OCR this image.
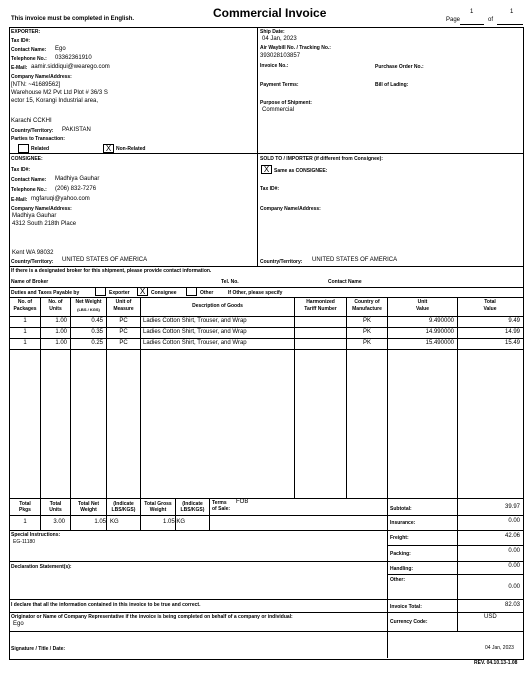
Commercial Invoice
This invoice must be completed in English.	Page
1
of
1
EXPORTER:
Tax ID#:
Contact Name: Ego
Telephone No.: 03362361910
E-Mail: aamir.siddiqui@wearego.com
Company Name/Address:
[NTN: ~41689562]
Warehouse M2 Pvt Ltd Plot # 36/3 S
ector 15, Korangi Industrial area,
Karachi CCKHI
Country/Territory: PAKISTAN
Parties to Transaction:
Related	X Non-Related
Ship Date:
04 Jan, 2023
Air Waybill No. / Tracking No.:
393028103857
Invoice No.:	Purchase Order No.:
Payment Terms:	Bill of Lading:
Purpose of Shipment:
Commercial
CONSIGNEE:
Tax ID#:
Contact Name: Madhiya Gauhar
Telephone No.: (206) 832-7276
E-Mail: mgfaruqi@yahoo.com
Company Name/Address:
Madhiya Gauhar
4312 South 218th Place
Kent WA 98032
Country/Territory: UNITED STATES OF AMERICA
SOLD TO / IMPORTER (if different from Consignee):
X Same as CONSIGNEE:
Tax ID#:
Company Name/Address:
Country/Territory: UNITED STATES OF AMERICA
If there is a designated broker for this shipment, please provide contact information.
Name of Broker	Tel. No.	Contact Name
Duties and Taxes Payable by	Exporter	X	Consignee	Other	If Other, please specify
No. of
Packages
No. of
Units
Net Weight
(LBS / KGS)
Unit of
Measure	Description of Goods
Harmonized
Tariff Number
Country of
Manufacture
Unit
Value
Total
Value
1	1.00	0.45	PC	Ladies Cotton Shirt, Trouser, and Wrap	PK	9.490000	9.49
1	1.00	0.35	PC	Ladies Cotton Shirt, Trouser, and Wrap	PK	14.990000	14.99
1	1.00	0.25	PC	Ladies Cotton Shirt, Trouser, and Wrap	PK	15.490000	15.49
Total
Pkgs
Total
Units
Total Net
Weight
(Indicate
LBS/KGS)
Total Gross
Weight
(Indicate
LBS/KGS)
Terms
of Sale:
FOB
1	3.00	1.05 KG	1.05 KG
Subtotal:	39.97
Insurance:	0.00
Freight:	42.06
Packing:	0.00
Handling:	0.00
Other:
0.00
Invoice Total:	82.03
Currency Code:
USD
Special Instructions:
EG-11180
Declaration Statement(s):
I declare that all the information contained in this invoice to be true and correct.
Originator or Name of Company Representative if the invoice is being completed on behalf of a company or individual:
Ego
Signature / Title / Date:	04 Jan, 2023
REV. 04.10.13-1.08
